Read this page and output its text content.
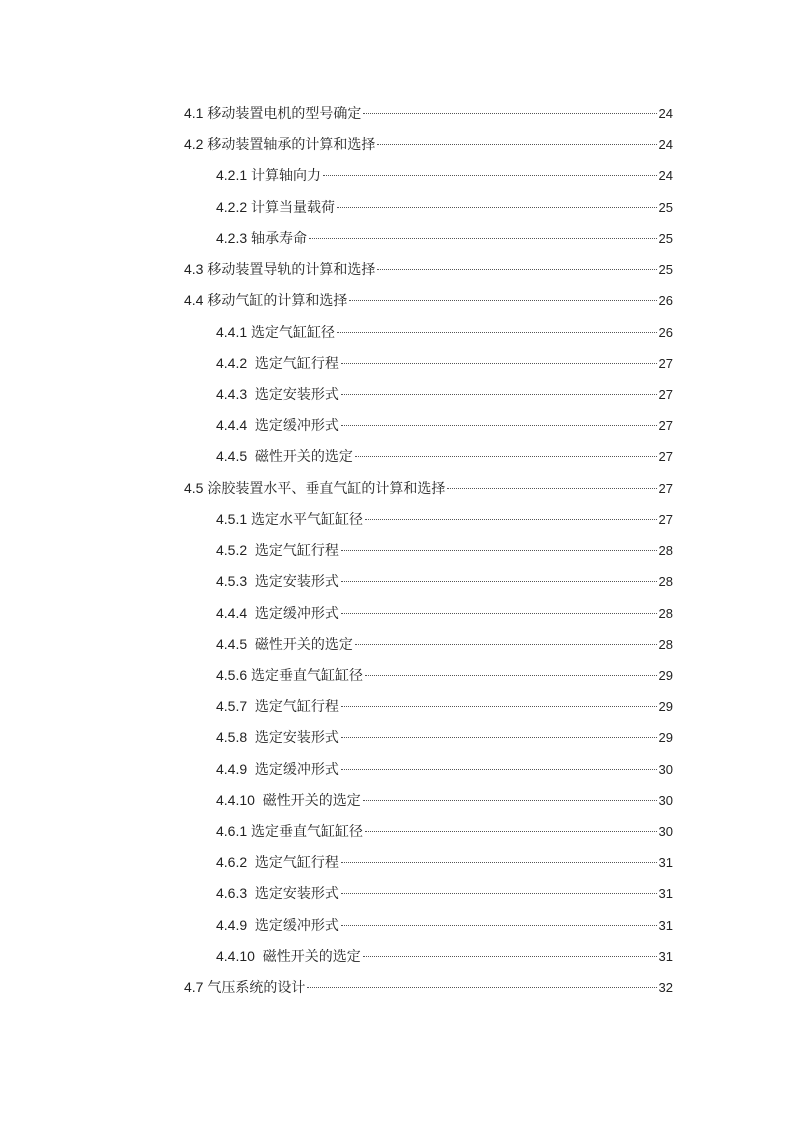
4.1 移动装置电机的型号确定	24
4.2 移动装置轴承的计算和选择	24
4.2.1 计算轴向力	24
4.2.2 计算当量载荷	25
4.2.3 轴承寿命	25
4.3 移动装置导轨的计算和选择	25
4.4 移动气缸的计算和选择	26
4.4.1 选定气缸缸径	26
4.4.2  选定气缸行程	27
4.4.3  选定安装形式	27
4.4.4  选定缓冲形式	27
4.4.5  磁性开关的选定	27
4.5 涂胶装置水平、垂直气缸的计算和选择	27
4.5.1 选定水平气缸缸径	27
4.5.2  选定气缸行程	28
4.5.3  选定安装形式	28
4.4.4  选定缓冲形式	28
4.4.5  磁性开关的选定	28
4.5.6 选定垂直气缸缸径	29
4.5.7  选定气缸行程	29
4.5.8  选定安装形式	29
4.4.9  选定缓冲形式	30
4.4.10  磁性开关的选定	30
4.6.1 选定垂直气缸缸径	30
4.6.2  选定气缸行程	31
4.6.3  选定安装形式	31
4.4.9  选定缓冲形式	31
4.4.10  磁性开关的选定	31
4.7 气压系统的设计	32
